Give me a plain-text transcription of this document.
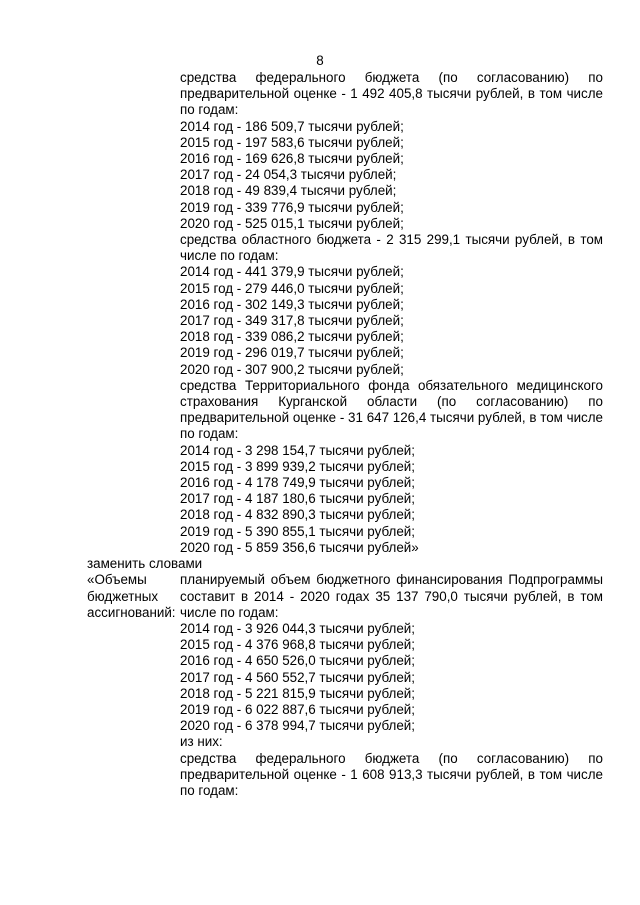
8
средства федерального бюджета (по согласованию) по предварительной оценке - 1 492 405,8 тысячи рублей, в том числе по годам:
2014 год - 186 509,7 тысячи рублей;
2015 год - 197 583,6 тысячи рублей;
2016 год - 169 626,8 тысячи рублей;
2017 год - 24 054,3 тысячи рублей;
2018 год - 49 839,4 тысячи рублей;
2019 год - 339 776,9 тысячи рублей;
2020 год - 525 015,1 тысячи рублей;
средства областного бюджета - 2 315 299,1 тысячи рублей, в том числе по годам:
2014 год - 441 379,9 тысячи рублей;
2015 год - 279 446,0 тысячи рублей;
2016 год - 302 149,3 тысячи рублей;
2017 год - 349 317,8 тысячи рублей;
2018 год - 339 086,2 тысячи рублей;
2019 год - 296 019,7 тысячи рублей;
2020 год - 307 900,2 тысячи рублей;
средства Территориального фонда обязательного медицинского страхования Курганской области (по согласованию) по предварительной оценке - 31 647 126,4 тысячи рублей, в том числе по годам:
2014 год - 3 298 154,7 тысячи рублей;
2015 год - 3 899 939,2 тысячи рублей;
2016 год - 4 178 749,9 тысячи рублей;
2017 год - 4 187 180,6 тысячи рублей;
2018 год - 4 832 890,3 тысячи рублей;
2019 год - 5 390 855,1 тысячи рублей;
2020 год - 5 859 356,6 тысячи рублей»
заменить словами
«Объемы
бюджетных
ассигнований:
планируемый объем бюджетного финансирования Подпрограммы составит в 2014 - 2020 годах 35 137 790,0 тысячи рублей, в том числе по годам:
2014 год - 3 926 044,3 тысячи рублей;
2015 год - 4 376 968,8 тысячи рублей;
2016 год - 4 650 526,0 тысячи рублей;
2017 год - 4 560 552,7 тысячи рублей;
2018 год - 5 221 815,9 тысячи рублей;
2019 год - 6 022 887,6 тысячи рублей;
2020 год - 6 378 994,7 тысячи рублей;
из них:
средства федерального бюджета (по согласованию) по предварительной оценке - 1 608 913,3 тысячи рублей, в том числе по годам:
